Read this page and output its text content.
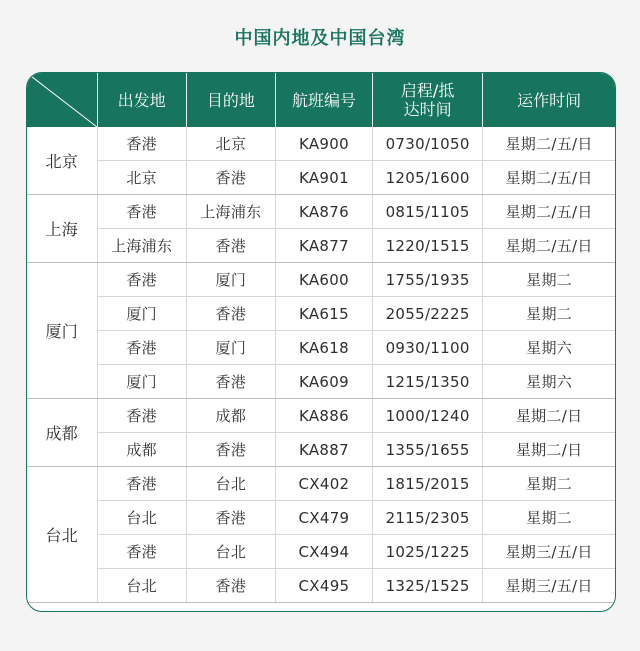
中国内地及中国台湾
	出发地	目的地	航班编号	启程/抵达时间	运作时间
北京	香港	北京	KA900	0730/1050	星期二/五/日
	北京	香港	KA901	1205/1600	星期二/五/日
上海	香港	上海浦东	KA876	0815/1105	星期二/五/日
	上海浦东	香港	KA877	1220/1515	星期二/五/日
厦门	香港	厦门	KA600	1755/1935	星期二
	厦门	香港	KA615	2055/2225	星期二
	香港	厦门	KA618	0930/1100	星期六
	厦门	香港	KA609	1215/1350	星期六
成都	香港	成都	KA886	1000/1240	星期二/日
	成都	香港	KA887	1355/1655	星期二/日
台北	香港	台北	CX402	1815/2015	星期二
	台北	香港	CX479	2115/2305	星期二
	香港	台北	CX494	1025/1225	星期三/五/日
	台北	香港	CX495	1325/1525	星期三/五/日
